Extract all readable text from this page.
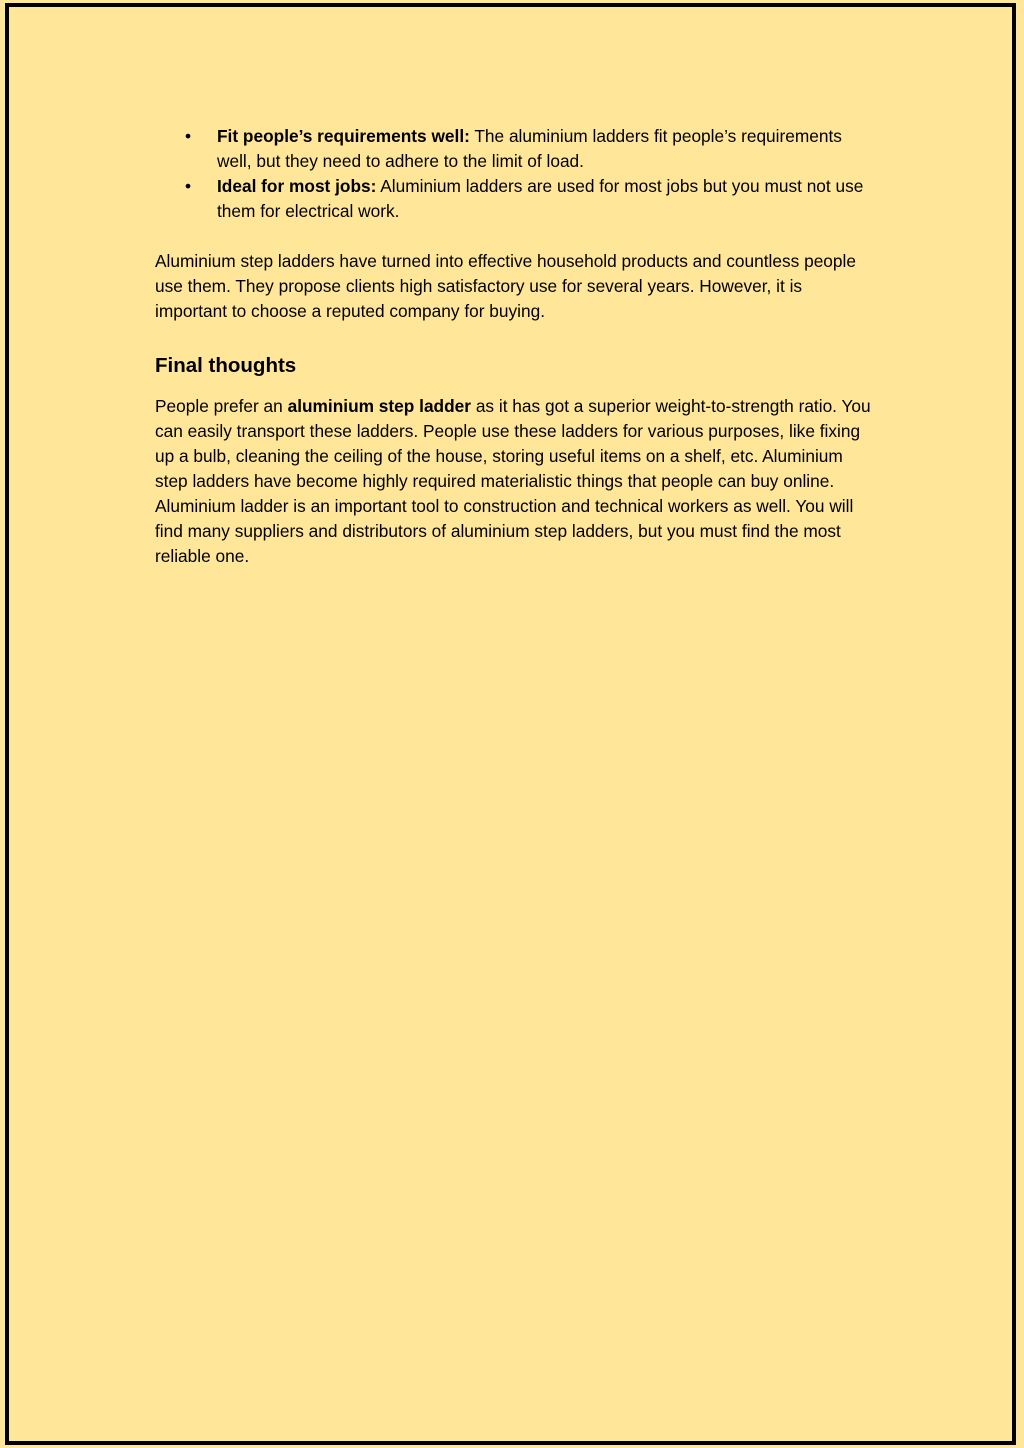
• Fit people’s requirements well: The aluminium ladders fit people’s requirements well, but they need to adhere to the limit of load.
• Ideal for most jobs: Aluminium ladders are used for most jobs but you must not use them for electrical work.

Aluminium step ladders have turned into effective household products and countless people use them. They propose clients high satisfactory use for several years. However, it is important to choose a reputed company for buying.

Final thoughts

People prefer an aluminium step ladder as it has got a superior weight-to-strength ratio. You can easily transport these ladders. People use these ladders for various purposes, like fixing up a bulb, cleaning the ceiling of the house, storing useful items on a shelf, etc. Aluminium step ladders have become highly required materialistic things that people can buy online. Aluminium ladder is an important tool to construction and technical workers as well. You will find many suppliers and distributors of aluminium step ladders, but you must find the most reliable one.
